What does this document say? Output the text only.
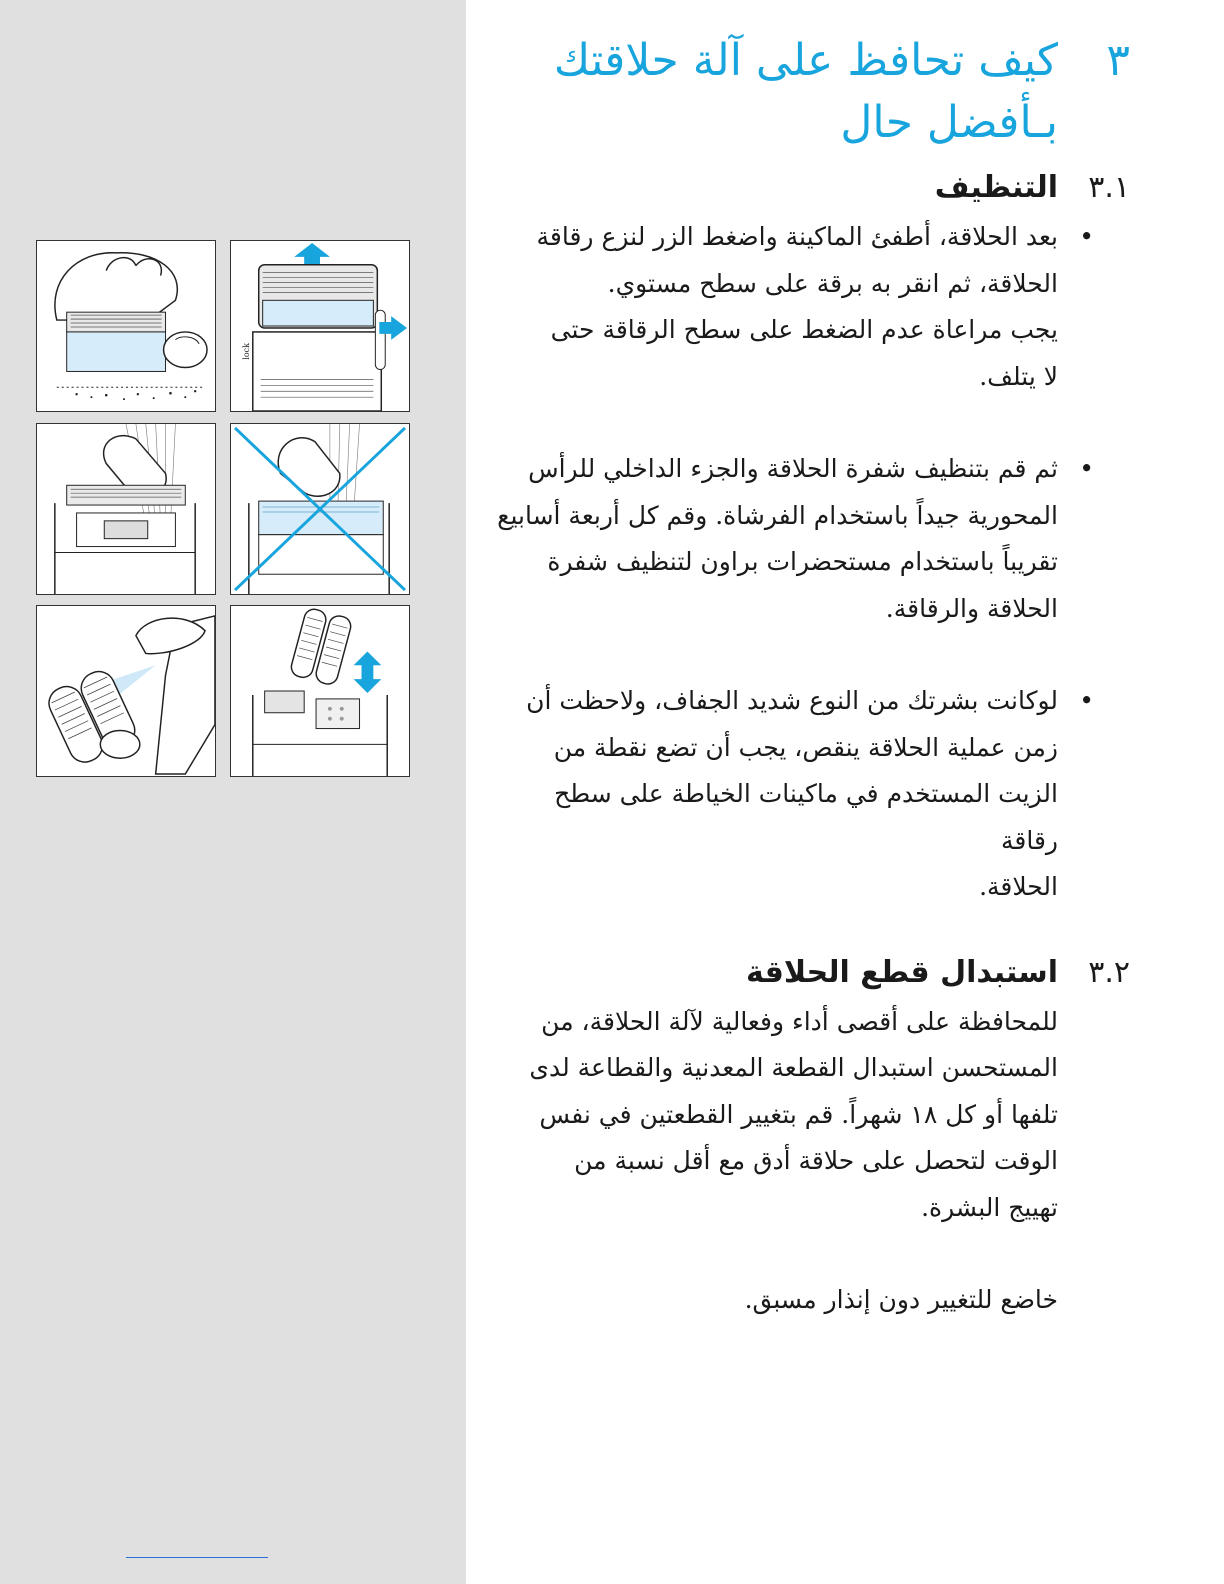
lock
٣
كيف تحافظ على آلة حلاقتك
بـأفضل حال
٣.١
التنظيف
•
بعد الحلاقة، أطفئ الماكينة واضغط الزر لنزع رقاقة
الحلاقة، ثم انقر به برقة على سطح مستوي.
يجب مراعاة عدم الضغط على سطح الرقاقة حتى
لا يتلف.
•
ثم قم بتنظيف شفرة الحلاقة والجزء الداخلي للرأس
المحورية جيداً باستخدام الفرشاة. وقم كل أربعة أسابيع
تقريباً باستخدام مستحضرات براون لتنظيف شفرة
الحلاقة والرقاقة.
•
لوكانت بشرتك من النوع شديد الجفاف، ولاحظت أن
زمن عملية الحلاقة ينقص، يجب أن تضع نقطة من
الزيت المستخدم في ماكينات الخياطة على سطح رقاقة
الحلاقة.
٣.٢
استبدال قطع الحلاقة
للمحافظة على أقصى أداء وفعالية لآلة الحلاقة، من
المستحسن استبدال القطعة المعدنية والقطاعة لدى
تلفها أو كل ١٨ شهراً. قم بتغيير القطعتين في نفس
الوقت لتحصل على حلاقة أدق مع أقل نسبة من
تهييج البشرة.
خاضع للتغيير دون إنذار مسبق.
